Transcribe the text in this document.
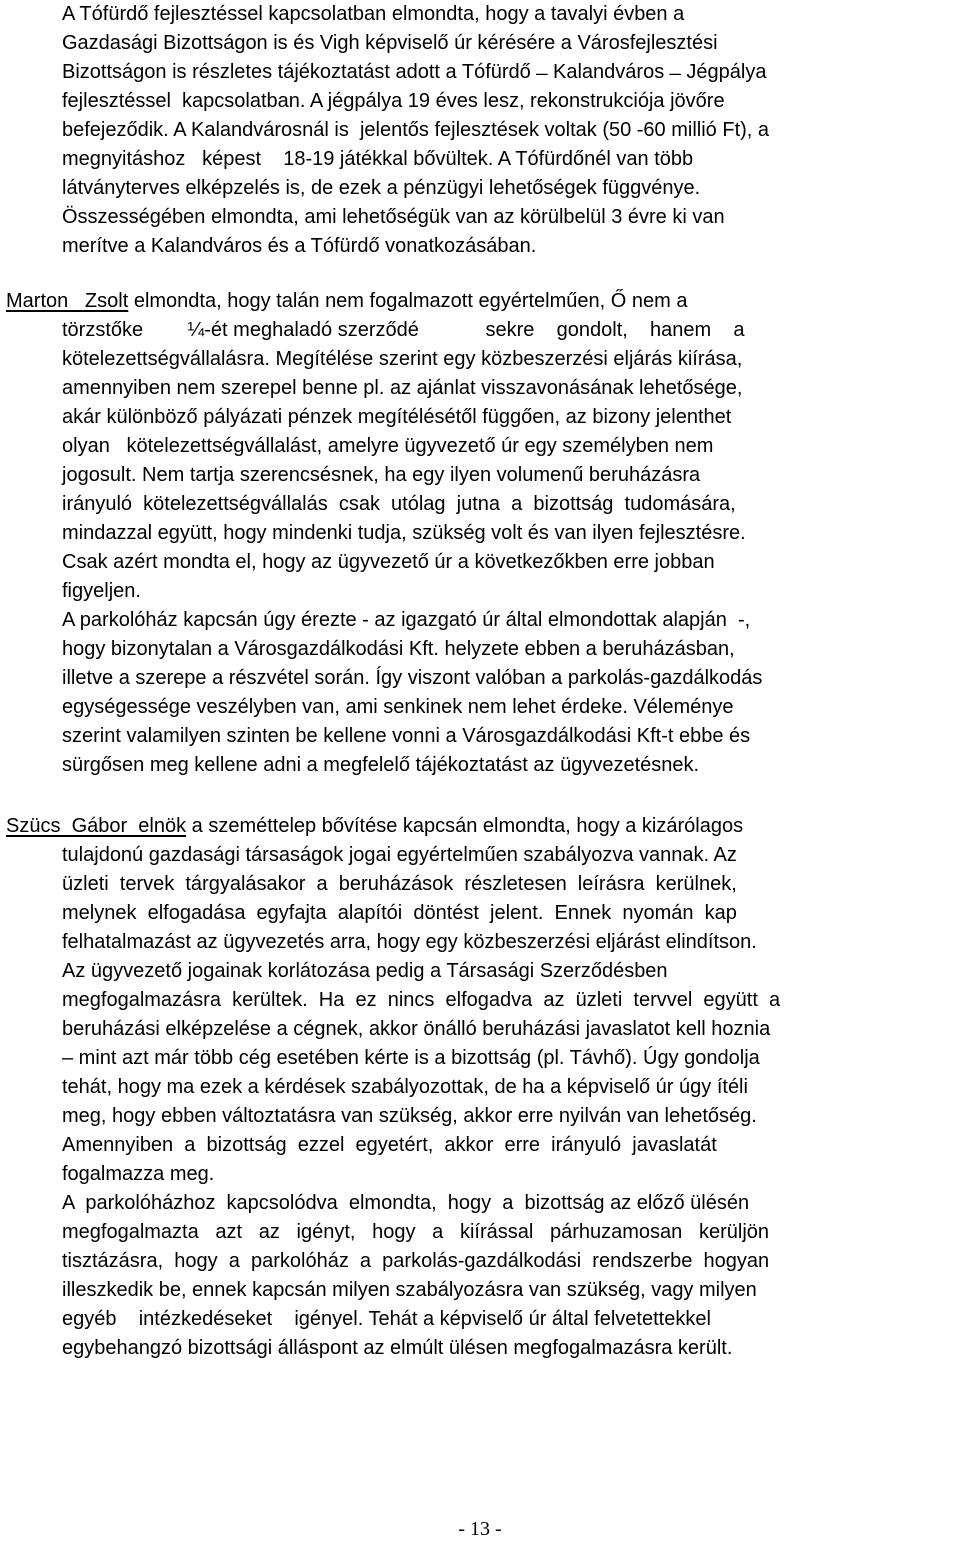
A Tófürdő fejlesztéssel kapcsolatban elmondta, hogy a tavalyi évben a
Gazdasági Bizottságon is és Vigh képviselő úr kérésére a Városfejlesztési
Bizottságon is részletes tájékoztatást adott a Tófürdő  ̶  Kalandváros  ̶  Jégpálya
fejlesztéssel  kapcsolatban. A jégpálya 19 éves lesz, rekonstrukciója jövőre
befejeződik. A Kalandvárosnál is  jelentős fejlesztések voltak (50 -60 millió Ft), a
megnyitáshoz   képest    18-19 játékkal bővültek. A Tófürdőnél van több
látványterves elképzelés is, de ezek a pénzügyi lehetőségek függvénye.
Összességében elmondta, ami lehetőségük van az körülbelül 3 évre ki van
merítve a Kalandváros és a Tófürdő vonatkozásában.
Marton   Zsolt elmondta, hogy talán nem fogalmazott egyértelműen, Ő nem a
törzstőke        ¼-ét meghaladó szerződé            sekre    gondolt,    hanem    a
kötelezettségvállalásra. Megítélése szerint egy közbeszerzési eljárás kiírása,
amennyiben nem szerepel benne pl. az ajánlat visszavonásának lehetősége,
akár különböző pályázati pénzek megítélésétől függően, az bizony jelenthet
olyan   kötelezettségvállalást, amelyre ügyvezető úr egy személyben nem
jogosult. Nem tartja szerencsésnek, ha egy ilyen volumenű beruházásra
irányuló  kötelezettségvállalás  csak  utólag  jutna  a  bizottság  tudomására,
mindazzal együtt, hogy mindenki tudja, szükség volt és van ilyen fejlesztésre.
Csak azért mondta el, hogy az ügyvezető úr a következőkben erre jobban
figyeljen.
A parkolóház kapcsán úgy érezte - az igazgató úr által elmondottak alapján  -,
hogy bizonytalan a Városgazdálkodási Kft. helyzete ebben a beruházásban,
illetve a szerepe a részvétel során. Így viszont valóban a parkolás-gazdálkodás
egységessége veszélyben van, ami senkinek nem lehet érdeke. Véleménye
szerint valamilyen szinten be kellene vonni a Városgazdálkodási Kft-t ebbe és
sürgősen meg kellene adni a megfelelő tájékoztatást az ügyvezetésnek.
Szücs  Gábor  elnök a szeméttelep bővítése kapcsán elmondta, hogy a kizárólagos
tulajdonú gazdasági társaságok jogai egyértelműen szabályozva vannak. Az
üzleti  tervek  tárgyalásakor  a  beruházások  részletesen  leírásra  kerülnek,
melynek  elfogadása  egyfajta  alapítói  döntést  jelent.  Ennek  nyomán  kap
felhatalmazást az ügyvezetés arra, hogy egy közbeszerzési eljárást elindítson.
Az ügyvezető jogainak korlátozása pedig a Társasági Szerződésben
megfogalmazásra  kerültek.  Ha  ez  nincs  elfogadva  az  üzleti  tervvel  együtt  a
beruházási elképzelése a cégnek, akkor önálló beruházási javaslatot kell hoznia
– mint azt már több cég esetében kérte is a bizottság (pl. Távhő). Úgy gondolja
tehát, hogy ma ezek a kérdések szabályozottak, de ha a képviselő úr úgy ítéli
meg, hogy ebben változtatásra van szükség, akkor erre nyilván van lehetőség.
Amennyiben  a  bizottság  ezzel  egyetért,  akkor  erre  irányuló  javaslatát
fogalmazza meg.
A  parkolóházhoz  kapcsolódva  elmondta,  hogy  a  bizottság az előző ülésén
megfogalmazta   azt   az   igényt,   hogy   a   kiírással   párhuzamosan   kerüljön
tisztázásra,  hogy  a  parkolóház  a  parkolás-gazdálkodási  rendszerbe  hogyan
illeszkedik be, ennek kapcsán milyen szabályozásra van szükség, vagy milyen
egyéb    intézkedéseket    igényel. Tehát a képviselő úr által felvetettekkel
egybehangzó bizottsági álláspont az elmúlt ülésen megfogalmazásra került.
- 13 -
